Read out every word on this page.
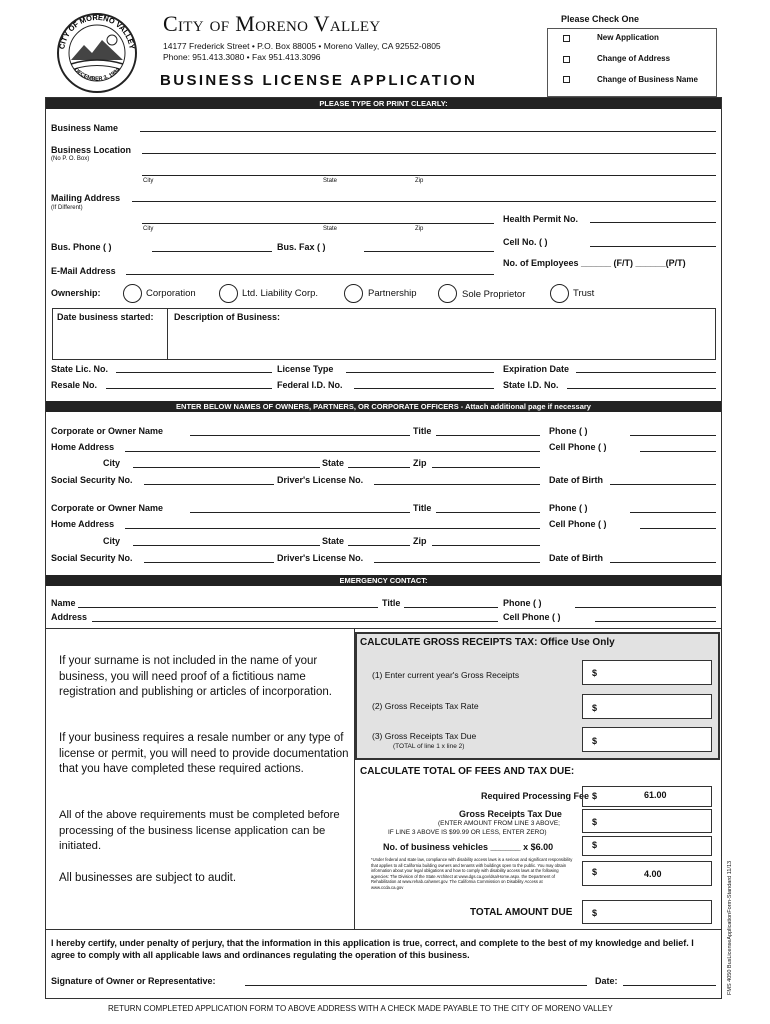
CITY OF MORENO VALLEY
DECEMBER 3, 1984
City of Moreno Valley
14177 Frederick Street • P.O. Box 88005 • Moreno Valley, CA 92552-0805
Phone: 951.413.3080 • Fax 951.413.3096
BUSINESS LICENSE APPLICATION
Please Check One
New Application
Change of Address
Change of Business Name
PLEASE TYPE OR PRINT CLEARLY:
Business Name
Business Location
(No P. O. Box)
City	State	Zip
Mailing Address
(If Different)
City	State	Zip
Health Permit No.
Cell No. ( )
Bus. Phone ( )	Bus. Fax ( )
No. of Employees ______ (F/T) ______(P/T)
E-Mail Address
Ownership:	Corporation	Ltd. Liability Corp.	Partnership	Sole Proprietor	Trust
Date business started: Description of Business:
State Lic. No.	License Type	Expiration Date
Resale No.	Federal I.D. No.	State I.D. No.
ENTER BELOW NAMES OF OWNERS, PARTNERS, OR CORPORATE OFFICERS - Attach additional page if necessary
Corporate or Owner Name	Title	Phone ( )
Home Address	Cell Phone ( )
City	State	Zip
Social Security No.	Driver's License No.	Date of Birth
Corporate or Owner Name	Title	Phone ( )
Home Address	Cell Phone ( )
City	State	Zip
Social Security No.	Driver's License No.	Date of Birth
EMERGENCY CONTACT:
Name	Title	Phone ( )
Address	Cell Phone ( )
If your surname is not included in the name of your business, you will need proof of a fictitious name registration and publishing or articles of incorporation.
If your business requires a resale number or any type of license or permit, you will need to provide documentation that you have completed these required actions.
All of the above requirements must be completed before processing of the business license application can be initiated.
All businesses are subject to audit.
CALCULATE GROSS RECEIPTS TAX: Office Use Only
(1) Enter current year's Gross Receipts	$
(2) Gross Receipts Tax Rate	$
(3) Gross Receipts Tax Due
(TOTAL of line 1 x line 2)
$
CALCULATE TOTAL OF FEES AND TAX DUE:
Required Processing Fee $	61.00
Gross Receipts Tax Due
(ENTER AMOUNT FROM LINE 3 ABOVE;
IF LINE 3 ABOVE IS $99.99 OR LESS, ENTER ZERO)
$
No. of business vehicles ______ x $6.00	$
*Under federal and state law, compliance with disability access laws is a serious and significant responsibility that applies to all California building owners and tenants with buildings open to the public. You may obtain information about your legal obligations and how to comply with disability access laws at the following agencies: The Division of the State Architect at www.dgs.ca.gov/dsa/Home.aspx. the Department of Rehabilitation at www.rehab.cahwnet.gov. The California Commission on Disability Access at www.ccda.ca.gov
$	4.00
TOTAL AMOUNT DUE $
I hereby certify, under penalty of perjury, that the information in this application is true, correct, and complete to the best of my knowledge and belief. I agree to comply with all applicable laws and ordinances regulating the operation of this business.
Signature of Owner or Representative:	Date:
RETURN COMPLETED APPLICATION FORM TO ABOVE ADDRESS WITH A CHECK MADE PAYABLE TO THE CITY OF MORENO VALLEY
FMS 4050 BusLicenseApplicationForm-Standard 11/13
